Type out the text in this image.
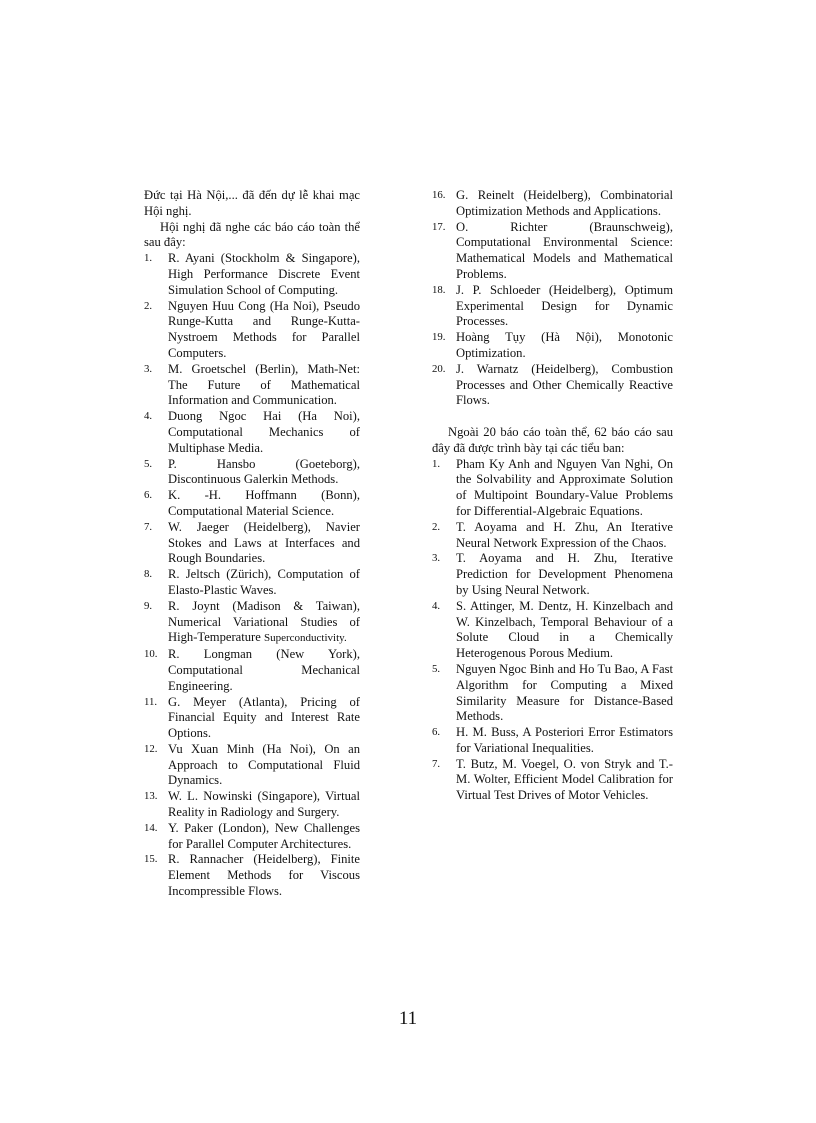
Đức tại Hà Nội,... đã đến dự lễ khai mạc Hội nghị.

Hội nghị đã nghe các báo cáo toàn thể sau đây:

1.	R. Ayani (Stockholm & Singapore), High Performance Discrete Event Simulation School of Computing.
2.	Nguyen Huu Cong (Ha Noi), Pseudo Runge-Kutta and Runge-Kutta-Nystroem Methods for Parallel Computers.
3.	M. Groetschel (Berlin), Math-Net: The Future of Mathematical Information and Communication.
4.	Duong Ngoc Hai (Ha Noi), Computational Mechanics of Multiphase Media.
5.	P. Hansbo (Goeteborg), Discontinuous Galerkin Methods.
6.	K. -H. Hoffmann (Bonn), Computational Material Science.
7.	W. Jaeger (Heidelberg), Navier Stokes and Laws at Interfaces and Rough Boundaries.
8.	R. Jeltsch (Zürich), Computation of Elasto-Plastic Waves.
9.	R. Joynt (Madison & Taiwan), Numerical Variational Studies of High-Temperature Superconductivity.
10. R. Longman (New York), Computational Mechanical Engineering.
11. G. Meyer (Atlanta), Pricing of Financial Equity and Interest Rate Options.
12. Vu Xuan Minh (Ha Noi), On an Approach to Computational Fluid Dynamics.
13. W. L. Nowinski (Singapore), Virtual Reality in Radiology and Surgery.
14. Y. Paker (London), New Challenges for Parallel Computer Architectures.
15. R. Rannacher (Heidelberg), Finite Element Methods for Viscous Incompressible Flows.
16. G. Reinelt (Heidelberg), Combinatorial Optimization Methods and Applications.
17. O. Richter (Braunschweig), Computational Environmental Science: Mathematical Models and Mathematical Problems.
18. J. P. Schloeder (Heidelberg), Optimum Experimental Design for Dynamic Processes.
19. Hoàng Tụy (Hà Nội), Monotonic Optimization.
20. J. Warnatz (Heidelberg), Combustion Processes and Other Chemically Reactive Flows.

Ngoài 20 báo cáo toàn thể, 62 báo cáo sau đây đã được trình bày tại các tiểu ban:

1.	Pham Ky Anh and Nguyen Van Nghi, On the Solvability and Approximate Solution of Multipoint Boundary-Value Problems for Differential-Algebraic Equations.
2.	T. Aoyama and H. Zhu, An Iterative Neural Network Expression of the Chaos.
3.	T. Aoyama and H. Zhu, Iterative Prediction for Development Phenomena by Using Neural Network.
4.	S. Attinger, M. Dentz, H. Kinzelbach and W. Kinzelbach, Temporal Behaviour of a Solute Cloud in a Chemically Heterogenous Porous Medium.
5.	Nguyen Ngoc Binh and Ho Tu Bao, A Fast Algorithm for Computing a Mixed Similarity Measure for Distance-Based Methods.
6.	H. M. Buss, A Posteriori Error Estimators for Variational Inequalities.
7.	T. Butz, M. Voegel, O. von Stryk and T.-M. Wolter, Efficient Model Calibration for Virtual Test Drives of Motor Vehicles.
11
